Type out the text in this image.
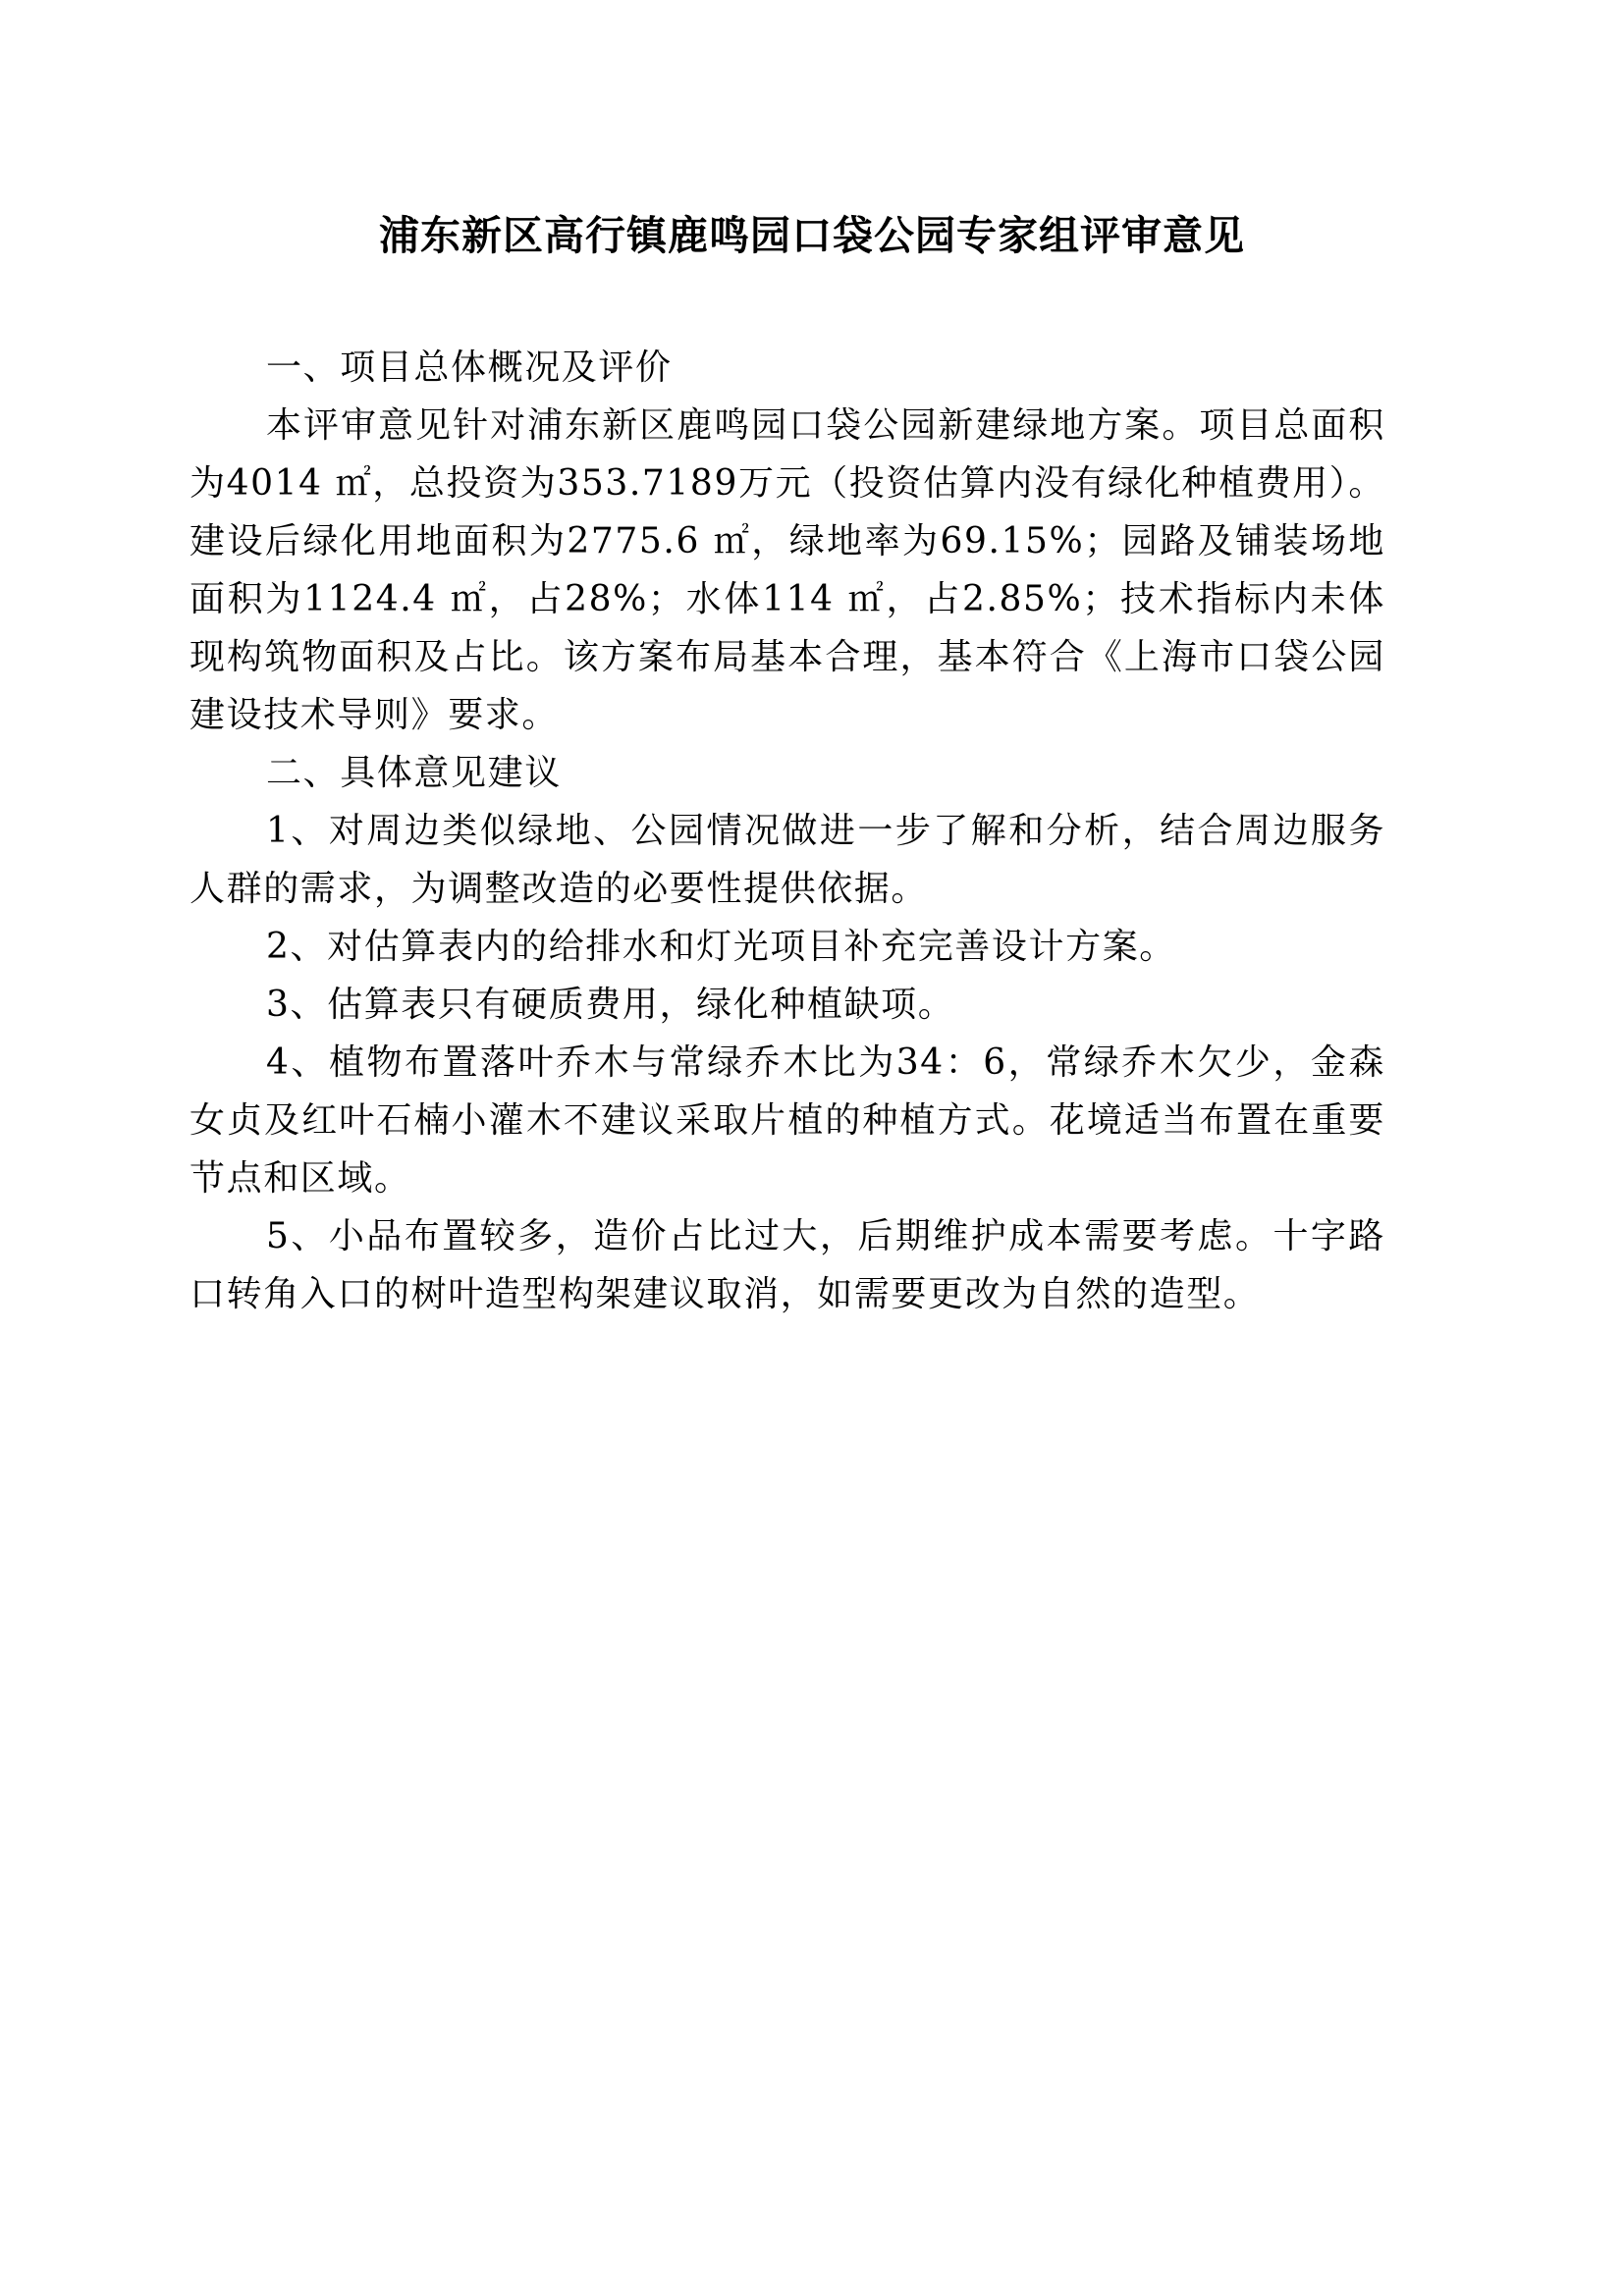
浦东新区高行镇鹿鸣园口袋公园专家组评审意见

一、项目总体概况及评价

本评审意见针对浦东新区鹿鸣园口袋公园新建绿地方案。项目总面积为4014 ㎡，总投资为353.7189万元（投资估算内没有绿化种植费用）。建设后绿化用地面积为2775.6 ㎡，绿地率为69.15%；园路及铺装场地面积为1124.4 ㎡，占28%；水体114 ㎡，占2.85%；技术指标内未体现构筑物面积及占比。该方案布局基本合理，基本符合《上海市口袋公园建设技术导则》要求。

二、具体意见建议

1、对周边类似绿地、公园情况做进一步了解和分析，结合周边服务人群的需求，为调整改造的必要性提供依据。

2、对估算表内的给排水和灯光项目补充完善设计方案。

3、估算表只有硬质费用，绿化种植缺项。

4、植物布置落叶乔木与常绿乔木比为34：6，常绿乔木欠少，金森女贞及红叶石楠小灌木不建议采取片植的种植方式。花境适当布置在重要节点和区域。

5、小品布置较多，造价占比过大，后期维护成本需要考虑。十字路口转角入口的树叶造型构架建议取消，如需要更改为自然的造型。
